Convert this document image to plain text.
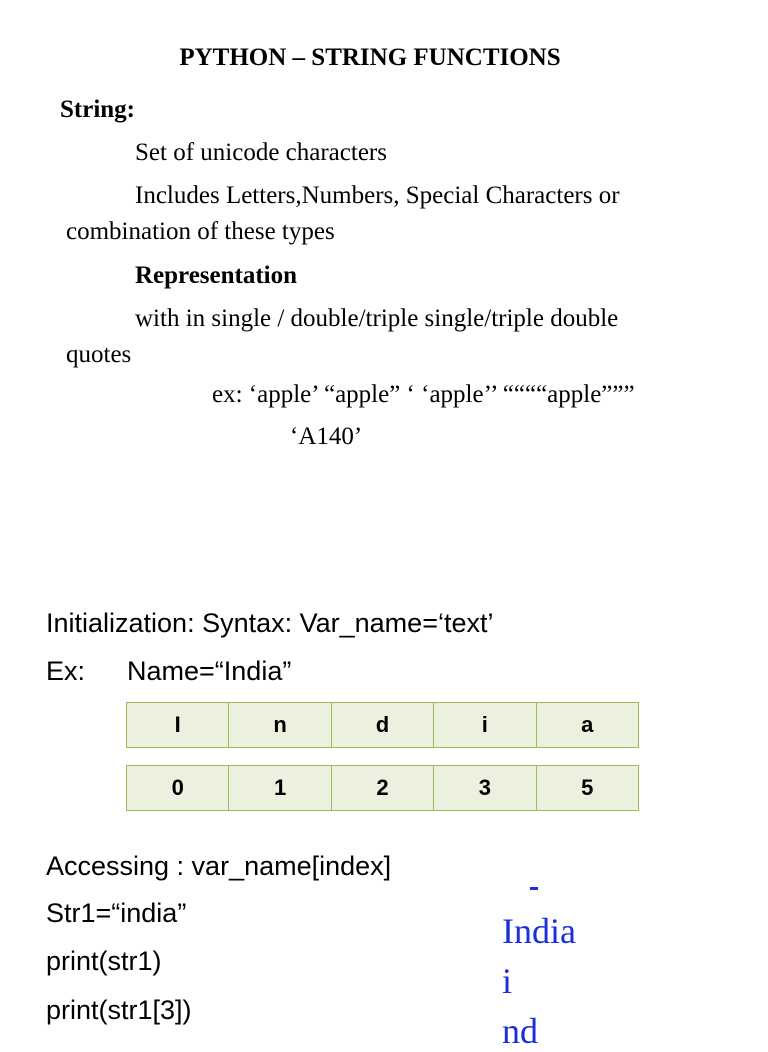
PYTHON – STRING FUNCTIONS
String:
Set of unicode characters
Includes Letters,Numbers, Special Characters or
combination of these types
Representation
with in single / double/triple single/triple double
quotes
ex: ‘apple’ “apple” ‘ ‘apple’’ ““““apple”””
‘A140’
Initialization: Syntax: Var_name=‘text’
Ex: Name=“India”
I	n	d	i	a
0	1	2	3	5
Accessing : var_name[index]
Str1=“india”
print(str1)
print(str1[3])
India
i
nd
